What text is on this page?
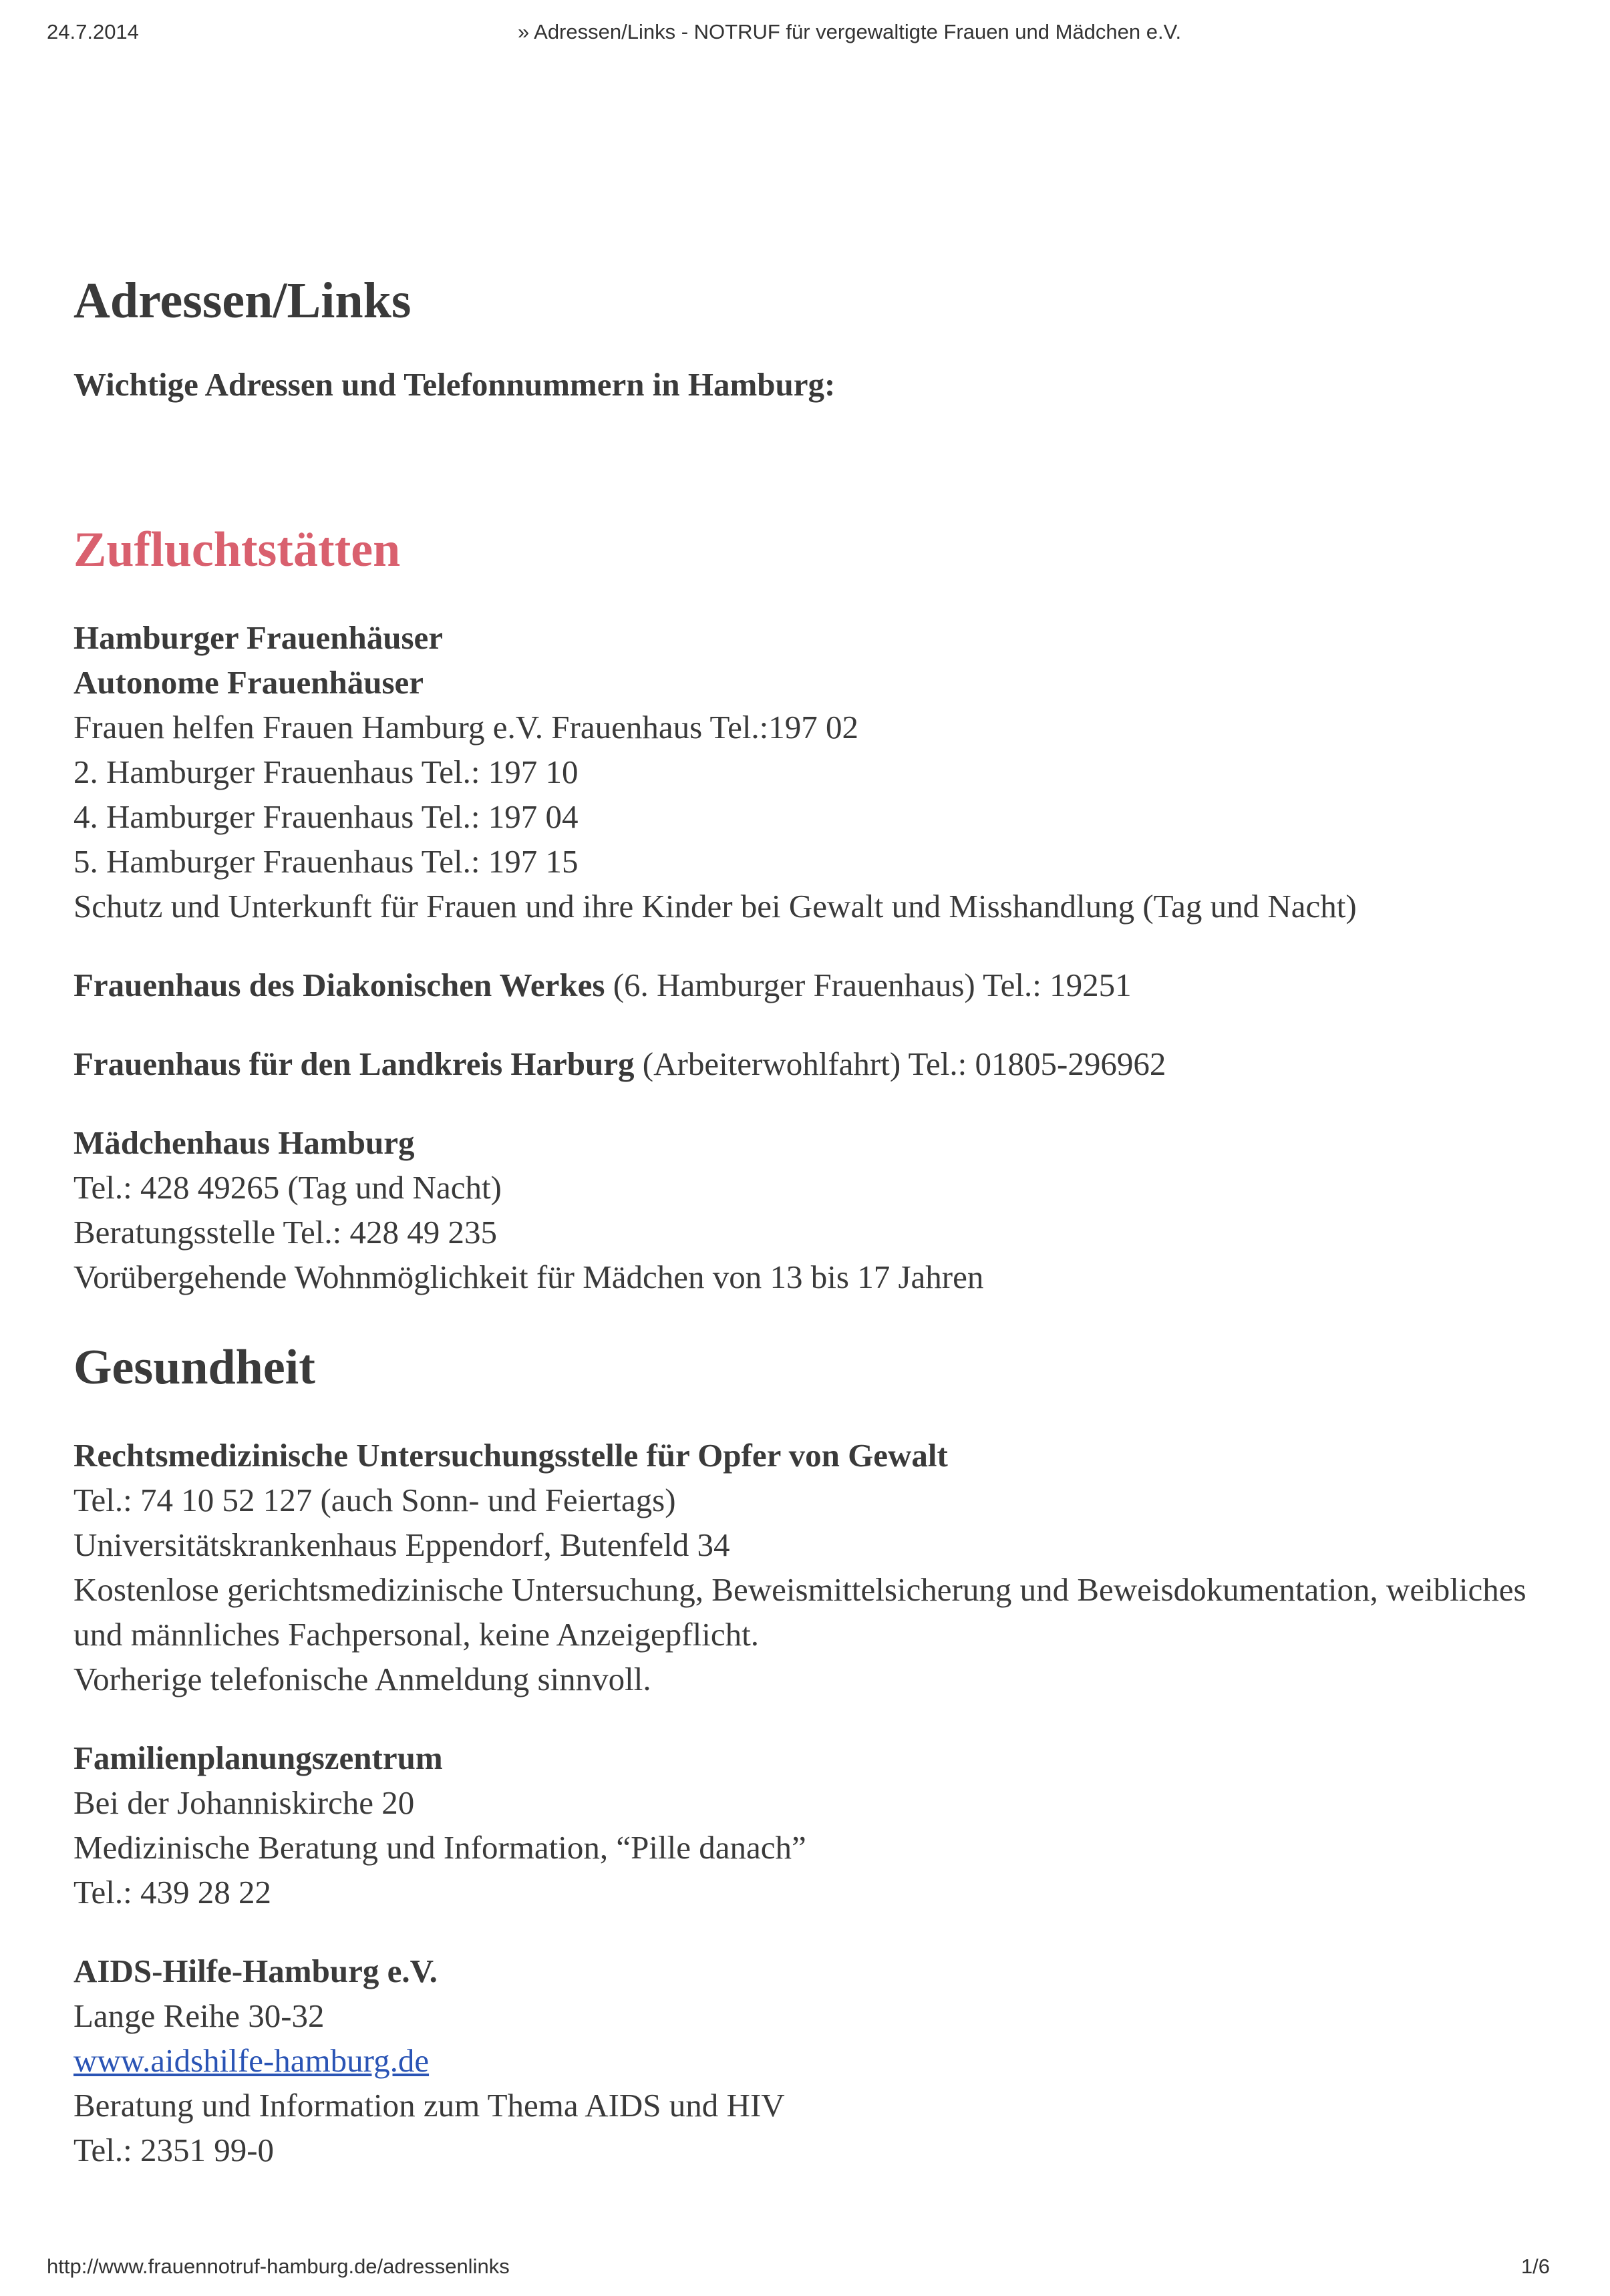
24.7.2014	» Adressen/Links - NOTRUF für vergewaltigte Frauen und Mädchen e.V.
Adressen/Links

Wichtige Adressen und Telefonnummern in Hamburg:

Zufluchtstätten

Hamburger Frauenhäuser

Autonome Frauenhäuser

Frauen helfen Frauen Hamburg e.V. Frauenhaus Tel.:197 02

2. Hamburger Frauenhaus Tel.: 197 10

4. Hamburger Frauenhaus Tel.: 197 04

5. Hamburger Frauenhaus Tel.: 197 15

Schutz und Unterkunft für Frauen und ihre Kinder bei Gewalt und Misshandlung (Tag und Nacht)

Frauenhaus des Diakonischen Werkes (6. Hamburger Frauenhaus) Tel.: 19251

Frauenhaus für den Landkreis Harburg (Arbeiterwohlfahrt) Tel.: 01805-296962

Mädchenhaus Hamburg

Tel.: 428 49265 (Tag und Nacht)

Beratungsstelle Tel.: 428 49 235

Vorübergehende Wohnmöglichkeit für Mädchen von 13 bis 17 Jahren

Gesundheit

Rechtsmedizinische Untersuchungsstelle für Opfer von Gewalt

Tel.: 74 10 52 127 (auch Sonn- und Feiertags)

Universitätskrankenhaus Eppendorf, Butenfeld 34

Kostenlose gerichtsmedizinische Untersuchung, Beweismittelsicherung und Beweisdokumentation, weibliches

und männliches Fachpersonal, keine Anzeigepflicht.

Vorherige telefonische Anmeldung sinnvoll.

Familienplanungszentrum

Bei der Johanniskirche 20

Medizinische Beratung und Information, “Pille danach”

Tel.: 439 28 22

AIDS-Hilfe-Hamburg e.V.

Lange Reihe 30-32

www.aidshilfe-hamburg.de

Beratung und Information zum Thema AIDS und HIV

Tel.: 2351 99-0

http://www.frauennotruf-hamburg.de/adressenlinks	1/6
